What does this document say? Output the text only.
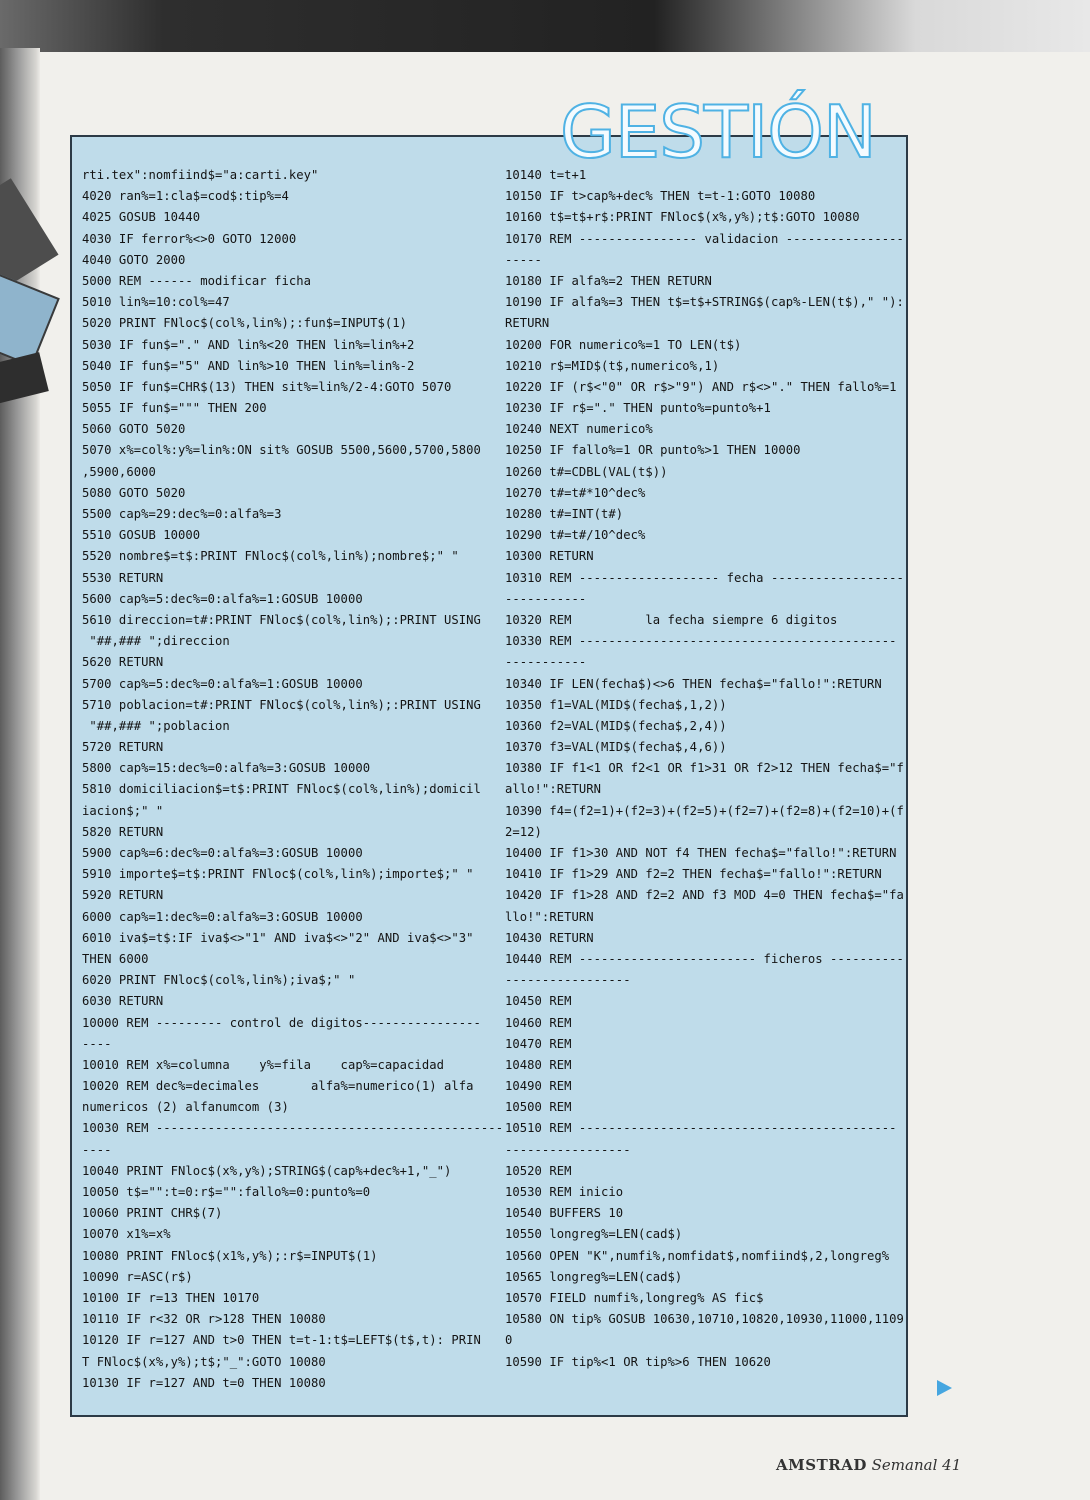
GESTIÓN
rti.tex":nomfiind$="a:carti.key"
4020 ran%=1:cla$=cod$:tip%=4
4025 GOSUB 10440
4030 IF ferror%<>0 GOTO 12000
4040 GOTO 2000
5000 REM ------ modificar ficha
5010 lin%=10:col%=47
5020 PRINT FNloc$(col%,lin%);:fun$=INPUT$(1)
5030 IF fun$="." AND lin%<20 THEN lin%=lin%+2
5040 IF fun$="5" AND lin%>10 THEN lin%=lin%-2
5050 IF fun$=CHR$(13) THEN sit%=lin%/2-4:GOTO 5070
5055 IF fun$=""" THEN 200
5060 GOTO 5020
5070 x%=col%:y%=lin%:ON sit% GOSUB 5500,5600,5700,5800
,5900,6000
5080 GOTO 5020
5500 cap%=29:dec%=0:alfa%=3
5510 GOSUB 10000
5520 nombre$=t$:PRINT FNloc$(col%,lin%);nombre$;" "
5530 RETURN
5600 cap%=5:dec%=0:alfa%=1:GOSUB 10000
5610 direccion=t#:PRINT FNloc$(col%,lin%);:PRINT USING
"##,### ";direccion
5620 RETURN
5700 cap%=5:dec%=0:alfa%=1:GOSUB 10000
5710 poblacion=t#:PRINT FNloc$(col%,lin%);:PRINT USING
"##,### ";poblacion
5720 RETURN
5800 cap%=15:dec%=0:alfa%=3:GOSUB 10000
5810 domiciliacion$=t$:PRINT FNloc$(col%,lin%);domicil
iacion$;" "
5820 RETURN
5900 cap%=6:dec%=0:alfa%=3:GOSUB 10000
5910 importe$=t$:PRINT FNloc$(col%,lin%);importe$;" "
5920 RETURN
6000 cap%=1:dec%=0:alfa%=3:GOSUB 10000
6010 iva$=t$:IF iva$<>"1" AND iva$<>"2" AND iva$<>"3"
THEN 6000
6020 PRINT FNloc$(col%,lin%);iva$;" "
6030 RETURN
10000 REM --------- control de digitos----------------
----
10010 REM x%=columna    y%=fila    cap%=capacidad
10020 REM dec%=decimales       alfa%=numerico(1) alfa
numericos (2) alfanumcom (3)
10030 REM -----------------------------------------------
----
10040 PRINT FNloc$(x%,y%);STRING$(cap%+dec%+1,"_")
10050 t$="":t=0:r$="":fallo%=0:punto%=0
10060 PRINT CHR$(7)
10070 x1%=x%
10080 PRINT FNloc$(x1%,y%);:r$=INPUT$(1)
10090 r=ASC(r$)
10100 IF r=13 THEN 10170
10110 IF r<32 OR r>128 THEN 10080
10120 IF r=127 AND t>0 THEN t=t-1:t$=LEFT$(t$,t): PRIN
T FNloc$(x%,y%);t$;"_":GOTO 10080
10130 IF r=127 AND t=0 THEN 10080
10140 t=t+1
10150 IF t>cap%+dec% THEN t=t-1:GOTO 10080
10160 t$=t$+r$:PRINT FNloc$(x%,y%);t$:GOTO 10080
10170 REM ---------------- validacion ----------------
-----
10180 IF alfa%=2 THEN RETURN
10190 IF alfa%=3 THEN t$=t$+STRING$(cap%-LEN(t$)," "):
RETURN
10200 FOR numerico%=1 TO LEN(t$)
10210 r$=MID$(t$,numerico%,1)
10220 IF (r$<"0" OR r$>"9") AND r$<>"." THEN fallo%=1
10230 IF r$="." THEN punto%=punto%+1
10240 NEXT numerico%
10250 IF fallo%=1 OR punto%>1 THEN 10000
10260 t#=CDBL(VAL(t$))
10270 t#=t#*10^dec%
10280 t#=INT(t#)
10290 t#=t#/10^dec%
10300 RETURN
10310 REM ------------------- fecha ------------------
-----------
10320 REM          la fecha siempre 6 digitos
10330 REM -------------------------------------------
-----------
10340 IF LEN(fecha$)<>6 THEN fecha$="fallo!":RETURN
10350 f1=VAL(MID$(fecha$,1,2))
10360 f2=VAL(MID$(fecha$,2,4))
10370 f3=VAL(MID$(fecha$,4,6))
10380 IF f1<1 OR f2<1 OR f1>31 OR f2>12 THEN fecha$="f
allo!":RETURN
10390 f4=(f2=1)+(f2=3)+(f2=5)+(f2=7)+(f2=8)+(f2=10)+(f
2=12)
10400 IF f1>30 AND NOT f4 THEN fecha$="fallo!":RETURN
10410 IF f1>29 AND f2=2 THEN fecha$="fallo!":RETURN
10420 IF f1>28 AND f2=2 AND f3 MOD 4=0 THEN fecha$="fa
llo!":RETURN
10430 RETURN
10440 REM ------------------------ ficheros ----------
-----------------
10450 REM
10460 REM
10470 REM
10480 REM
10490 REM
10500 REM
10510 REM -------------------------------------------
-----------------
10520 REM
10530 REM inicio
10540 BUFFERS 10
10550 longreg%=LEN(cad$)
10560 OPEN "K",numfi%,nomfidat$,nomfiind$,2,longreg%
10565 longreg%=LEN(cad$)
10570 FIELD numfi%,longreg% AS fic$
10580 ON tip% GOSUB 10630,10710,10820,10930,11000,1109
0
10590 IF tip%<1 OR tip%>6 THEN 10620
AMSTRAD Semanal 41
